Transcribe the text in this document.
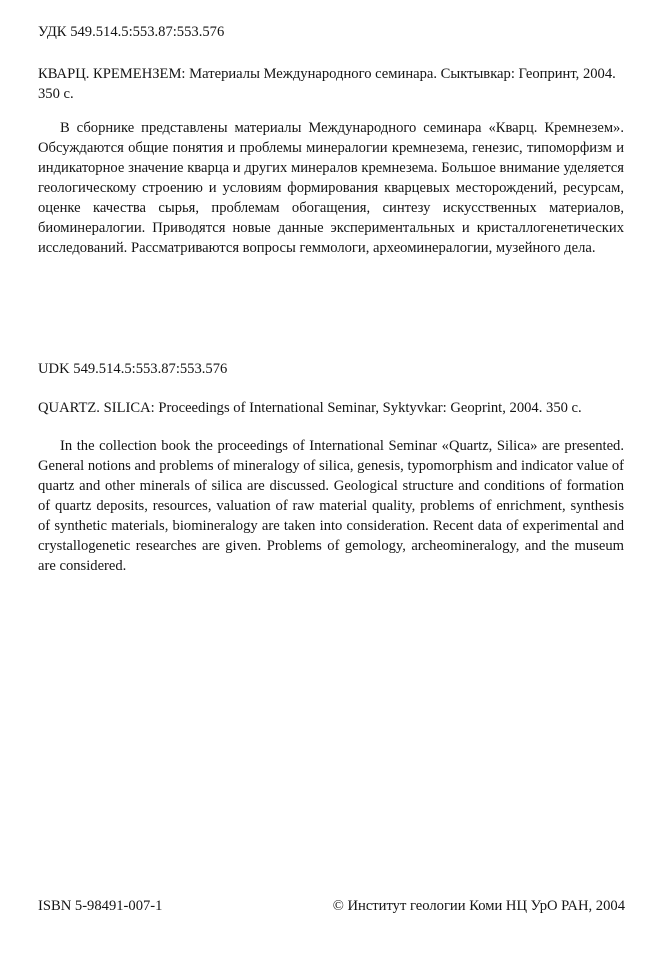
УДК 549.514.5:553.87:553.576
КВАРЦ. КРЕМЕНЗЕМ: Материалы Международного семинара. Сыктывкар: Геопринт, 2004. 350 с.

В сборнике представлены материалы Международного семинара «Кварц. Кремнезем». Обсуждаются общие понятия и проблемы минералогии кремнезема, генезис, типоморфизм и индикаторное значение кварца и других минералов кремнезема. Большое внимание уделяется геологическому строению и условиям формирования кварцевых месторождений, ресурсам, оценке качества сырья, проблемам обогащения, синтезу искусственных материалов, биоминералогии. Приводятся новые данные экспериментальных и кристаллогенетических исследований. Рассматриваются вопросы геммологи, археоминералогии, музейного дела.

UDK 549.514.5:553.87:553.576
QUARTZ. SILICA: Proceedings of International Seminar, Syktyvkar: Geoprint, 2004. 350 c.

In the collection book the proceedings of International Seminar «Quartz, Silica» are presented. General notions and problems of mineralogy of silica, genesis, typomorphism and indicator value of quartz and other minerals of silica are discussed. Geological structure and conditions of formation of quartz deposits, resources, valuation of raw material quality, problems of enrichment, synthesis of synthetic materials, biomineralogy are taken into consideration. Recent data of experimental and crystallogenetic researches are given. Problems of gemology, archeomineralogy, and the museum are considered.

ISBN 5-98491-007-1	© Институт геологии Коми НЦ УрО РАН, 2004
